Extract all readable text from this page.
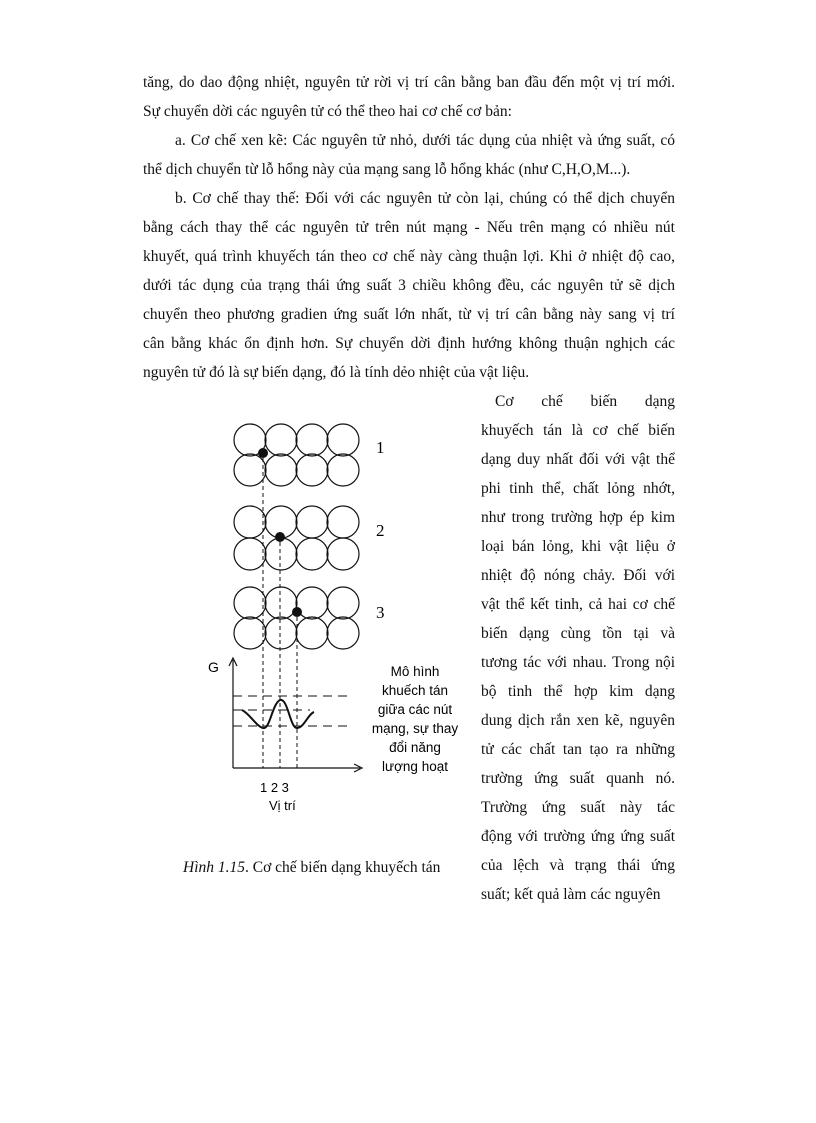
tăng, do dao động nhiệt, nguyên tử rời vị trí cân bằng ban đầu đến một vị trí mới.
Sự chuyển dời các nguyên tử có thể theo hai cơ chế cơ bản:
a. Cơ chế xen kẽ: Các nguyên tử nhỏ, dưới tác dụng của nhiệt và ứng suất, có
thể dịch chuyển từ lỗ hổng này của mạng sang lỗ hổng khác (như C,H,O,M...).
b. Cơ chế thay thế: Đối với các nguyên tử còn lại, chúng có thể dịch chuyển
bằng cách thay thể các nguyên tử trên nút mạng - Nếu trên mạng có nhiều nút
khuyết, quá trình khuyếch tán theo cơ chế này càng thuận lợi. Khi ở nhiệt độ cao,
dưới tác dụng của trạng thái ứng suất 3 chiều không đều, các nguyên tử sẽ dịch
chuyển theo phương gradien ứng suất lớn nhất, từ vị trí cân bằng này sang vị trí
cân bằng khác ổn định hơn. Sự chuyển dời định hướng không thuận nghịch các
nguyên tử đó là sự biến dạng, đó là tính dẻo nhiệt của vật liệu.
Cơ chế biến dạng
khuyếch tán là cơ chế biến
dạng duy nhất đối với vật thể
phi tinh thể, chất lỏng nhớt,
như trong trường hợp ép kim
loại bán lỏng, khi vật liệu ở
nhiệt độ nóng chảy. Đối với
vật thể kết tinh, cả hai cơ chế
biến dạng cùng tồn tại và
tương tác với nhau. Trong nội
bộ tinh thể hợp kim dạng
dung dịch rắn xen kẽ, nguyên
tử các chất tan tạo ra những
trường ứng suất quanh nó.
Trường ứng suất này tác
động với trường ứng ứng suất
của lệch và trạng thái ứng
suất; kết quả làm các nguyên
1
2
3
G
1 2 3
Vị trí
Mô hình
khuếch tán
giữa các nút
mạng, sự thay
đổi năng
lượng hoạt
Hình 1.15. Cơ chế biến dạng khuyếch tán
